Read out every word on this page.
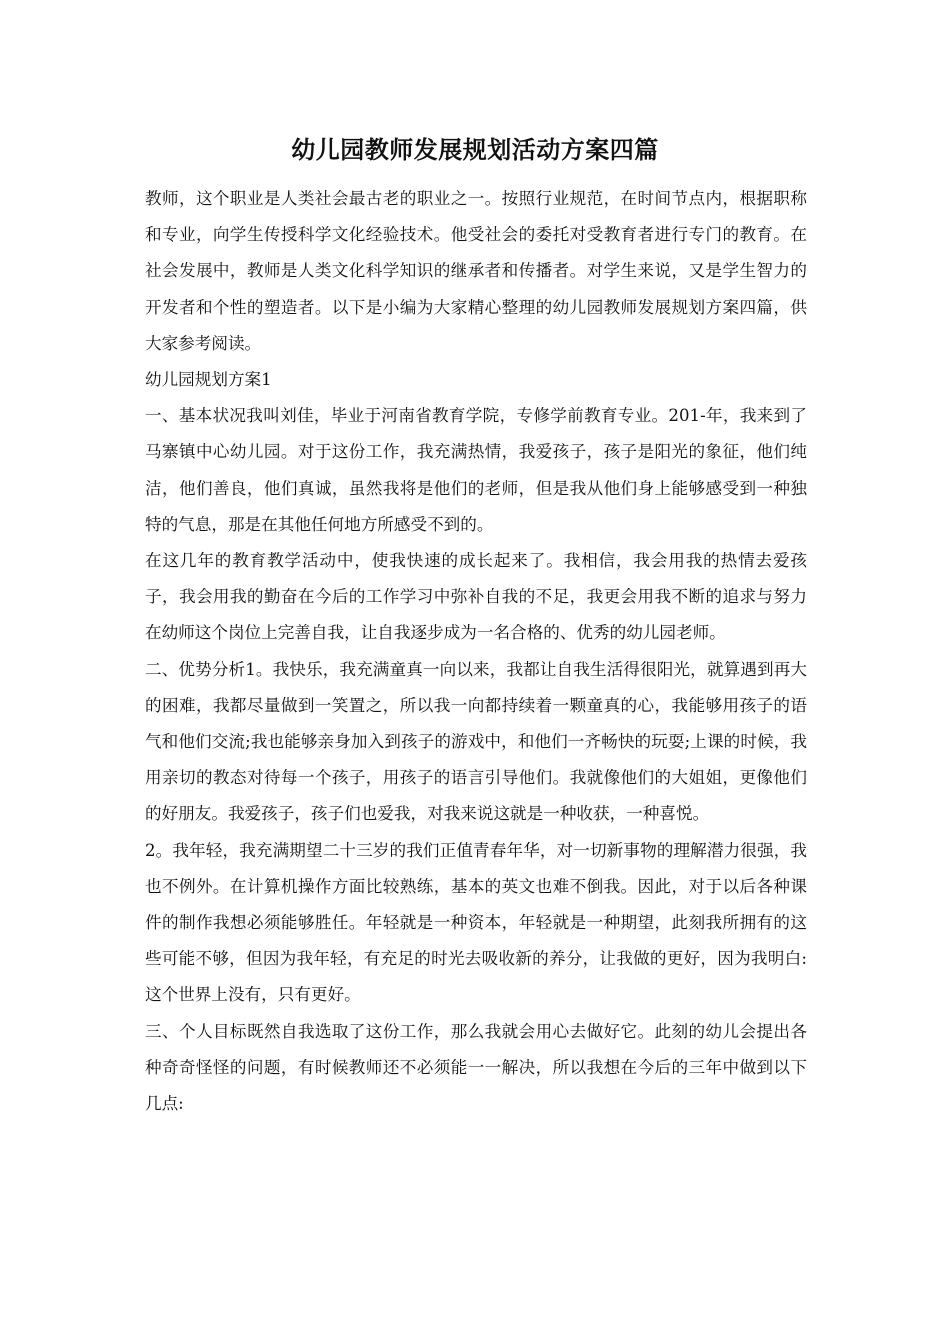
幼儿园教师发展规划活动方案四篇

教师，这个职业是人类社会最古老的职业之一。按照行业规范，在时间节点内，根据职称和专业，向学生传授科学文化经验技术。他受社会的委托对受教育者进行专门的教育。在社会发展中，教师是人类文化科学知识的继承者和传播者。对学生来说，又是学生智力的开发者和个性的塑造者。以下是小编为大家精心整理的幼儿园教师发展规划方案四篇，供大家参考阅读。

幼儿园规划方案1

一、基本状况我叫刘佳，毕业于河南省教育学院，专修学前教育专业。201-年，我来到了马寨镇中心幼儿园。对于这份工作，我充满热情，我爱孩子，孩子是阳光的象征，他们纯洁，他们善良，他们真诚，虽然我将是他们的老师，但是我从他们身上能够感受到一种独特的气息，那是在其他任何地方所感受不到的。

在这几年的教育教学活动中，使我快速的成长起来了。我相信，我会用我的热情去爱孩子，我会用我的勤奋在今后的工作学习中弥补自我的不足，我更会用我不断的追求与努力在幼师这个岗位上完善自我，让自我逐步成为一名合格的、优秀的幼儿园老师。

二、优势分析1。我快乐，我充满童真一向以来，我都让自我生活得很阳光，就算遇到再大的困难，我都尽量做到一笑置之，所以我一向都持续着一颗童真的心，我能够用孩子的语气和他们交流;我也能够亲身加入到孩子的游戏中，和他们一齐畅快的玩耍;上课的时候，我用亲切的教态对待每一个孩子，用孩子的语言引导他们。我就像他们的大姐姐，更像他们的好朋友。我爱孩子，孩子们也爱我，对我来说这就是一种收获，一种喜悦。

2。我年轻，我充满期望二十三岁的我们正值青春年华，对一切新事物的理解潜力很强，我也不例外。在计算机操作方面比较熟练，基本的英文也难不倒我。因此，对于以后各种课件的制作我想必须能够胜任。年轻就是一种资本，年轻就是一种期望，此刻我所拥有的这些可能不够，但因为我年轻，有充足的时光去吸收新的养分，让我做的更好，因为我明白:这个世界上没有，只有更好。

三、个人目标既然自我选取了这份工作，那么我就会用心去做好它。此刻的幼儿会提出各种奇奇怪怪的问题，有时候教师还不必须能一一解决，所以我想在今后的三年中做到以下几点:
